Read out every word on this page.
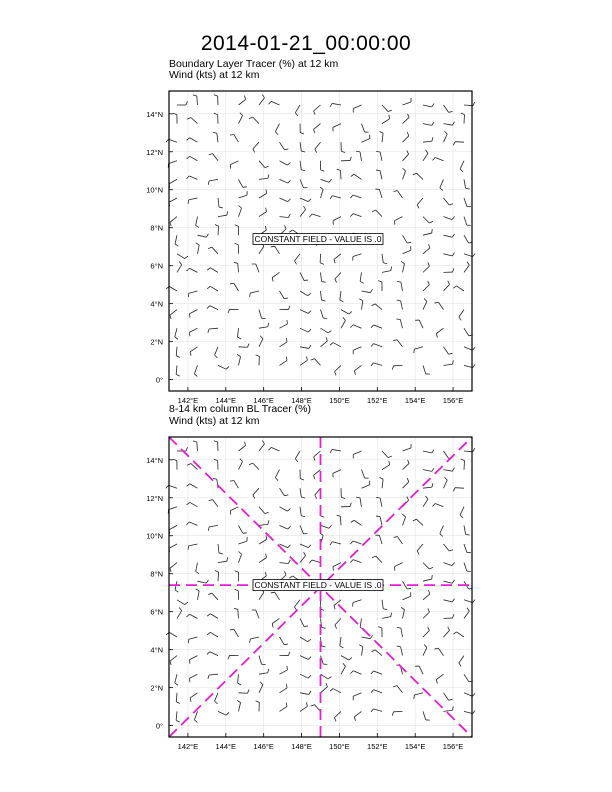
2014-01-21_00:00:00
Boundary Layer Tracer (%) at 12 km
Wind (kts) at 12 km
142°E 144°E 146°E 148°E 150°E 152°E 154°E 156°E
0°
2°N
4°N
6°N
8°N
10°N
12°N
14°N
CONSTANT FIELD - VALUE IS .0
142°E 144°E 146°E 148°E 150°E 152°E 154°E 156°E
0°
2°N
4°N
6°N
8°N
10°N
12°N
14°N
CONSTANT FIELD - VALUE IS .0
8-14 km column BL Tracer (%)
Wind (kts) at 12 km
